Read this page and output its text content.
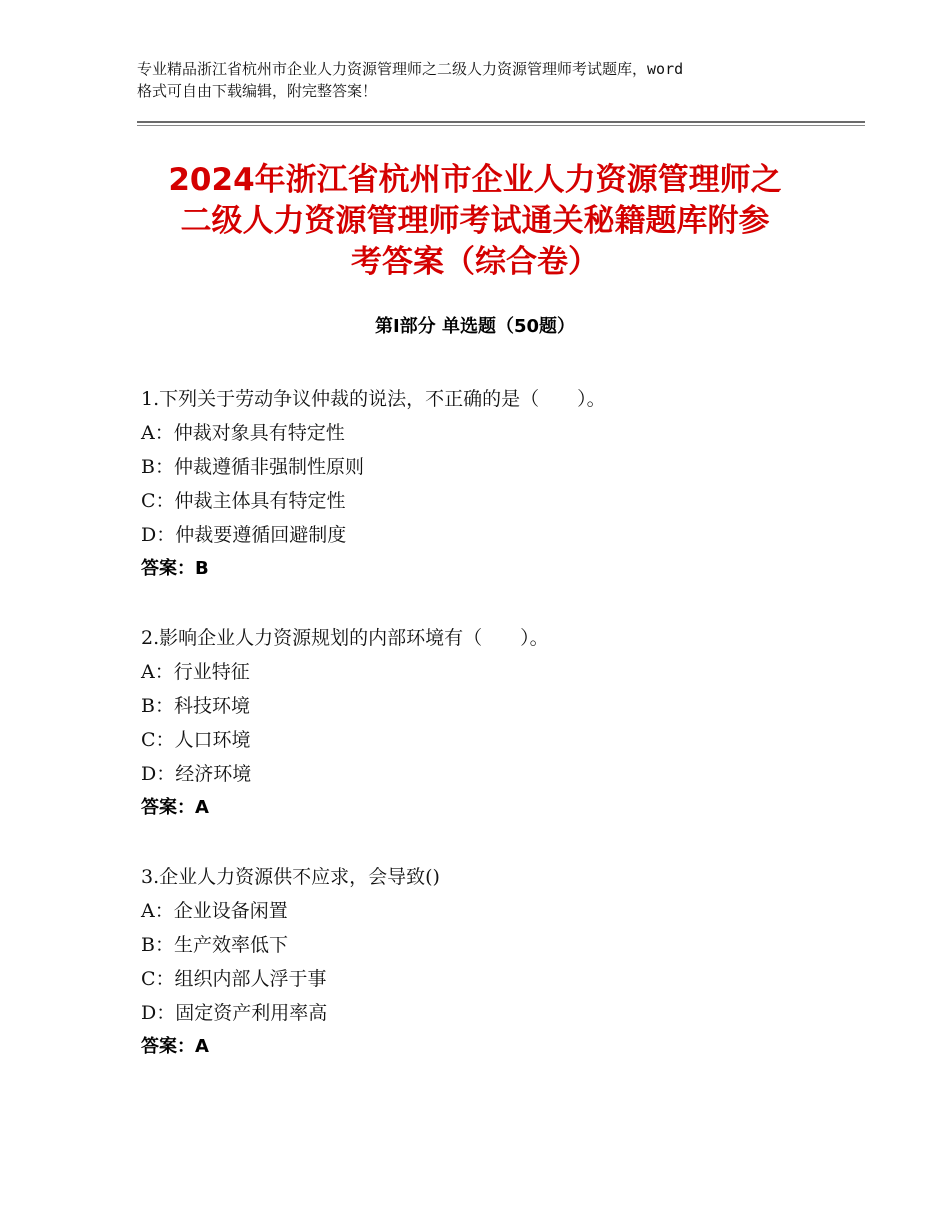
专业精品浙江省杭州市企业人力资源管理师之二级人力资源管理师考试题库，word
格式可自由下载编辑，附完整答案！
2024年浙江省杭州市企业人力资源管理师之
二级人力资源管理师考试通关秘籍题库附参
考答案（综合卷）
第Ⅰ部分 单选题（50题）
1.下列关于劳动争议仲裁的说法，不正确的是（　　）。
A：仲裁对象具有特定性
B：仲裁遵循非强制性原则
C：仲裁主体具有特定性
D：仲裁要遵循回避制度
答案：B
2.影响企业人力资源规划的内部环境有（　　）。
A：行业特征
B：科技环境
C：人口环境
D：经济环境
答案：A
3.企业人力资源供不应求，会导致()
A：企业设备闲置
B：生产效率低下
C：组织内部人浮于事
D：固定资产利用率高
答案：A
